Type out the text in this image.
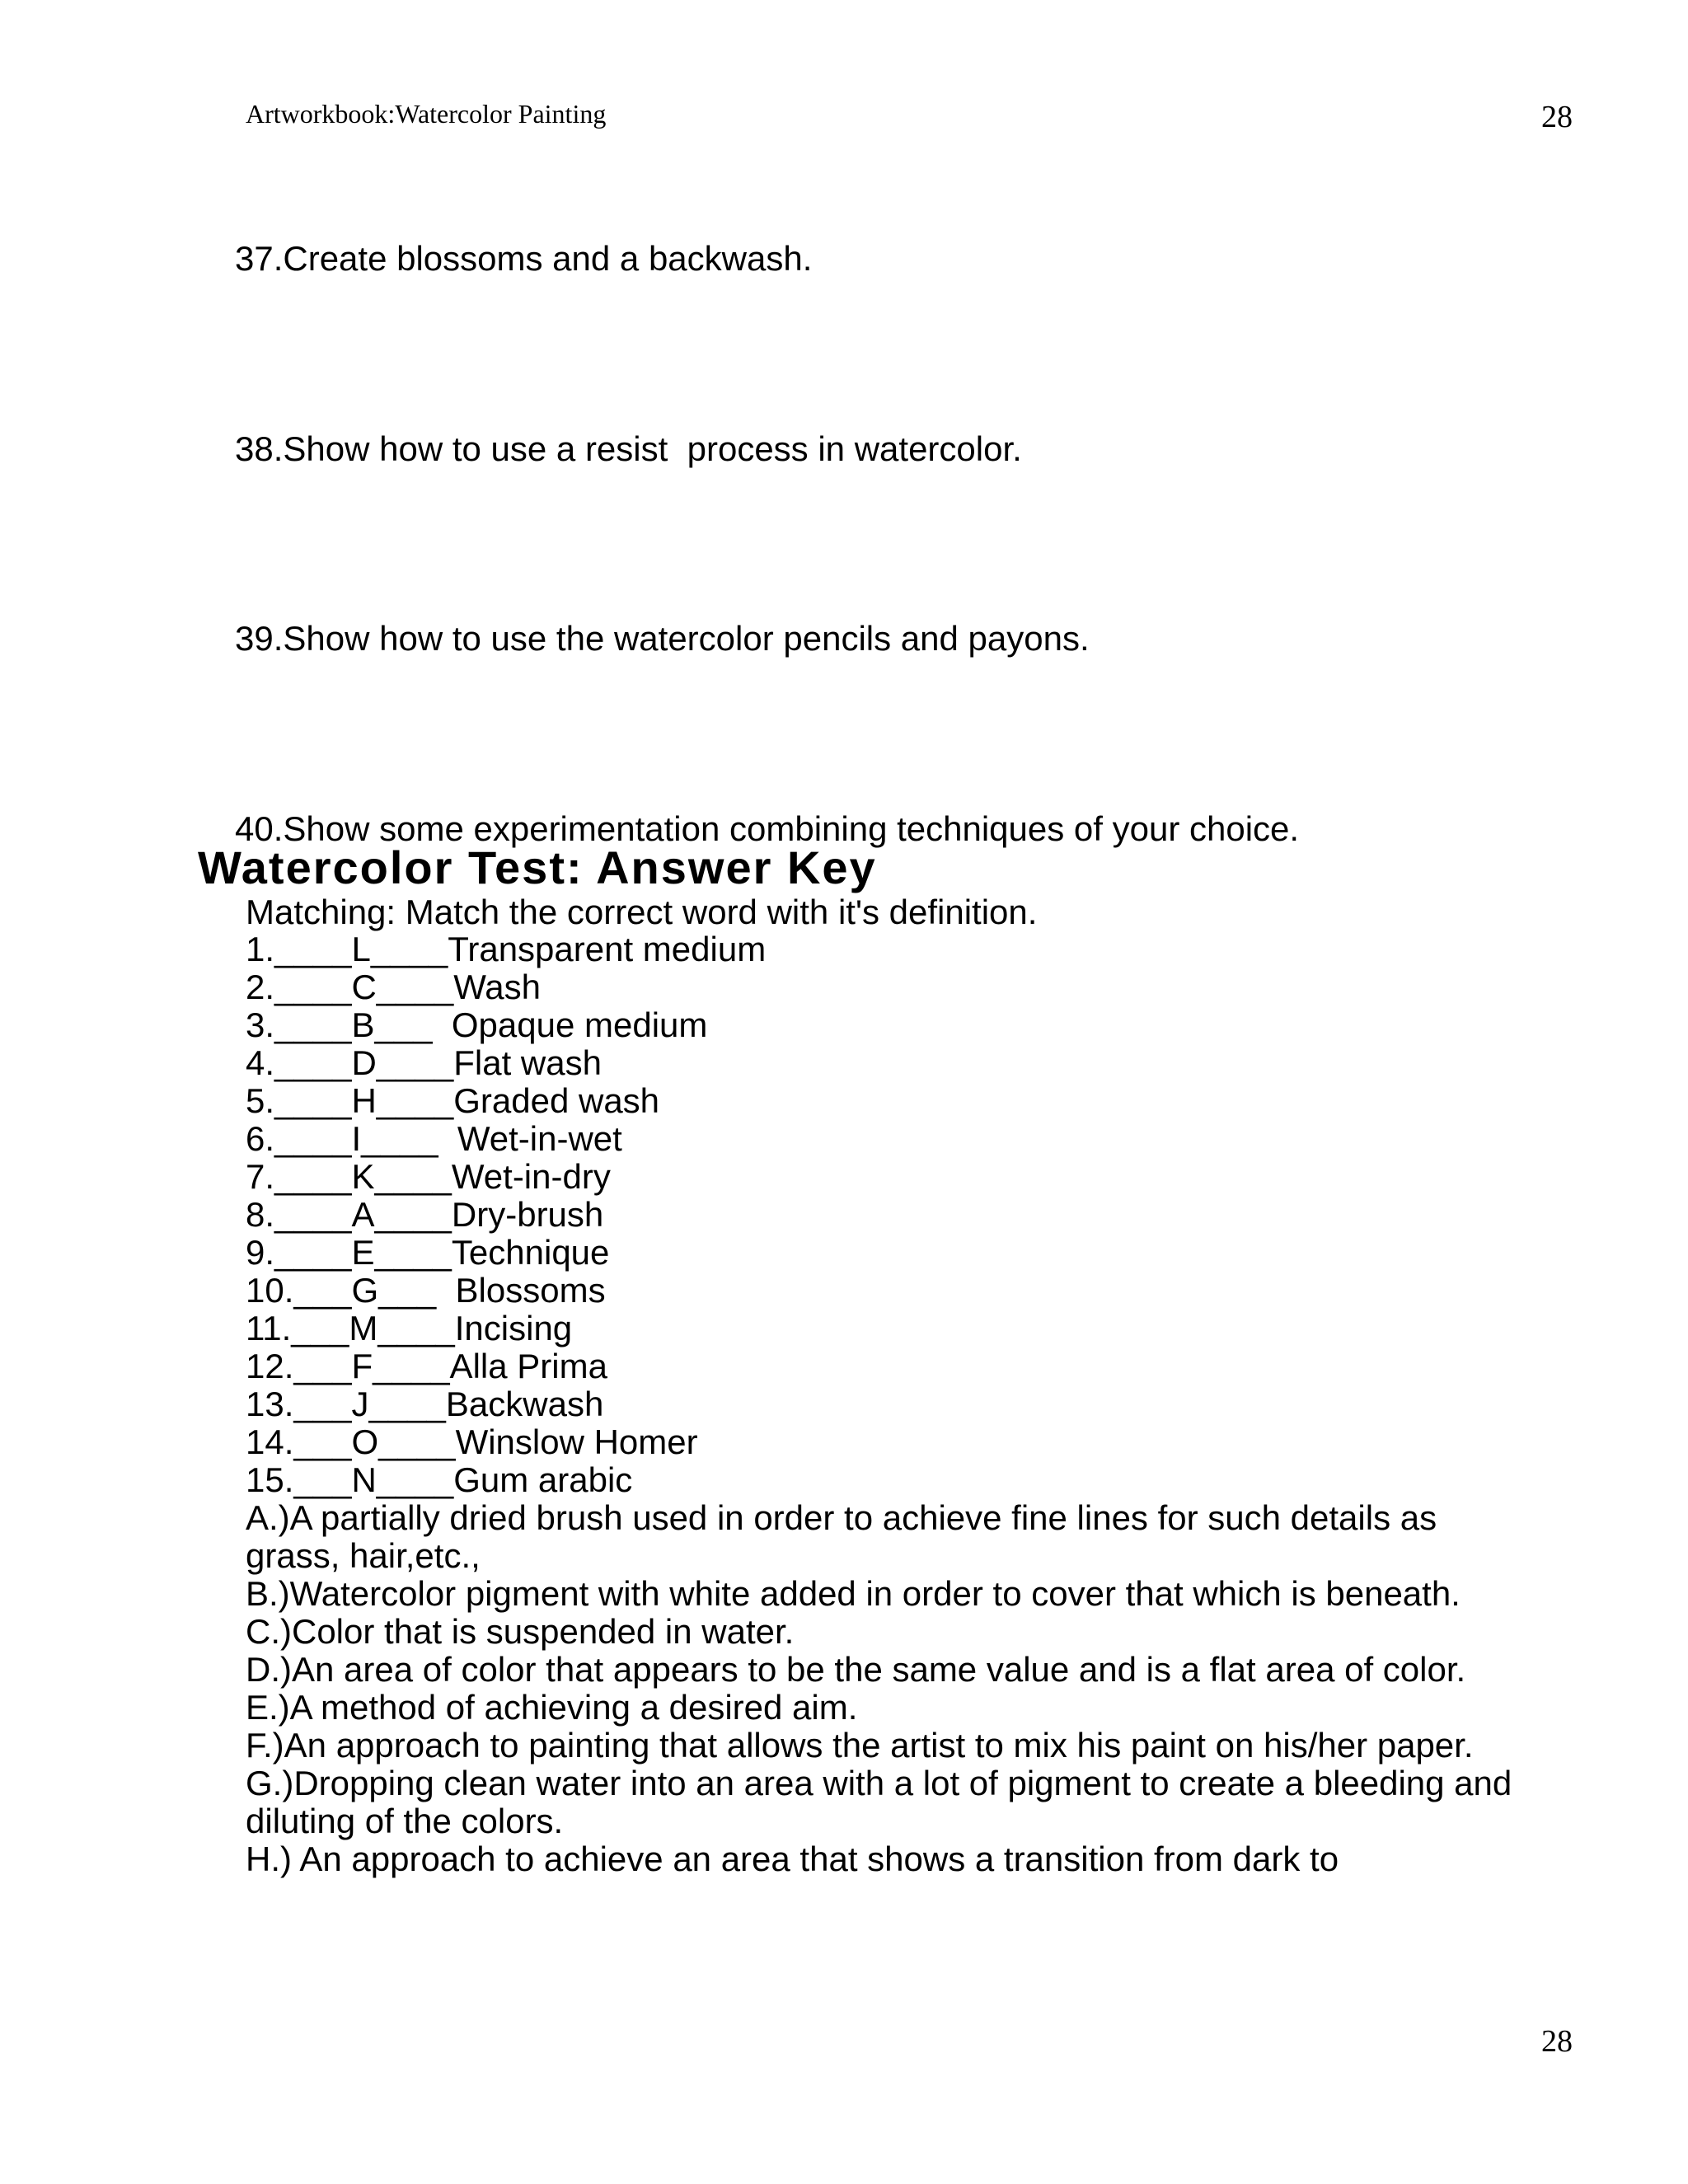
Artworkbook:Watercolor Painting	28
37.Create blossoms and a backwash.
38.Show how to use a resist  process in watercolor.
39.Show how to use the watercolor pencils and payons.
40.Show some experimentation combining techniques of your choice.
Watercolor Test: Answer Key
Matching: Match the correct word with it's definition.
1.____L____Transparent medium
2.____C____Wash
3.____B___  Opaque medium
4.____D____Flat wash
5.____H____Graded wash
6.____I____  Wet-in-wet
7.____K____Wet-in-dry
8.____A____Dry-brush
9.____E____Technique
10.___G___  Blossoms
11.___M____Incising
12.___F____Alla Prima
13.___J____Backwash
14.___O____Winslow Homer
15.___N____Gum arabic
A.)A partially dried brush used in order to achieve fine lines for such details as grass, hair,etc.,
B.)Watercolor pigment with white added in order to cover that which is beneath.
C.)Color that is suspended in water.
D.)An area of color that appears to be the same value and is a flat area of color.
E.)A method of achieving a desired aim.
F.)An approach to painting that allows the artist to mix his paint on his/her paper.
G.)Dropping clean water into an area with a lot of pigment to create a bleeding and diluting of the colors.
H.) An approach to achieve an area that shows a transition from dark to
28
